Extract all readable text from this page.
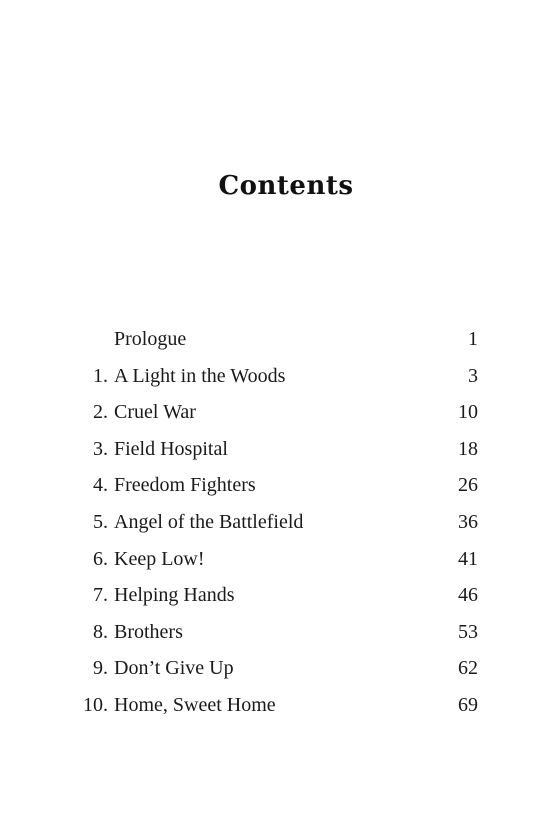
Contents
Prologue	1
1. A Light in the Woods	3
2. Cruel War	10
3. Field Hospital	18
4. Freedom Fighters	26
5. Angel of the Battlefield	36
6. Keep Low!	41
7. Helping Hands	46
8. Brothers	53
9. Don’t Give Up	62
10. Home, Sweet Home	69
